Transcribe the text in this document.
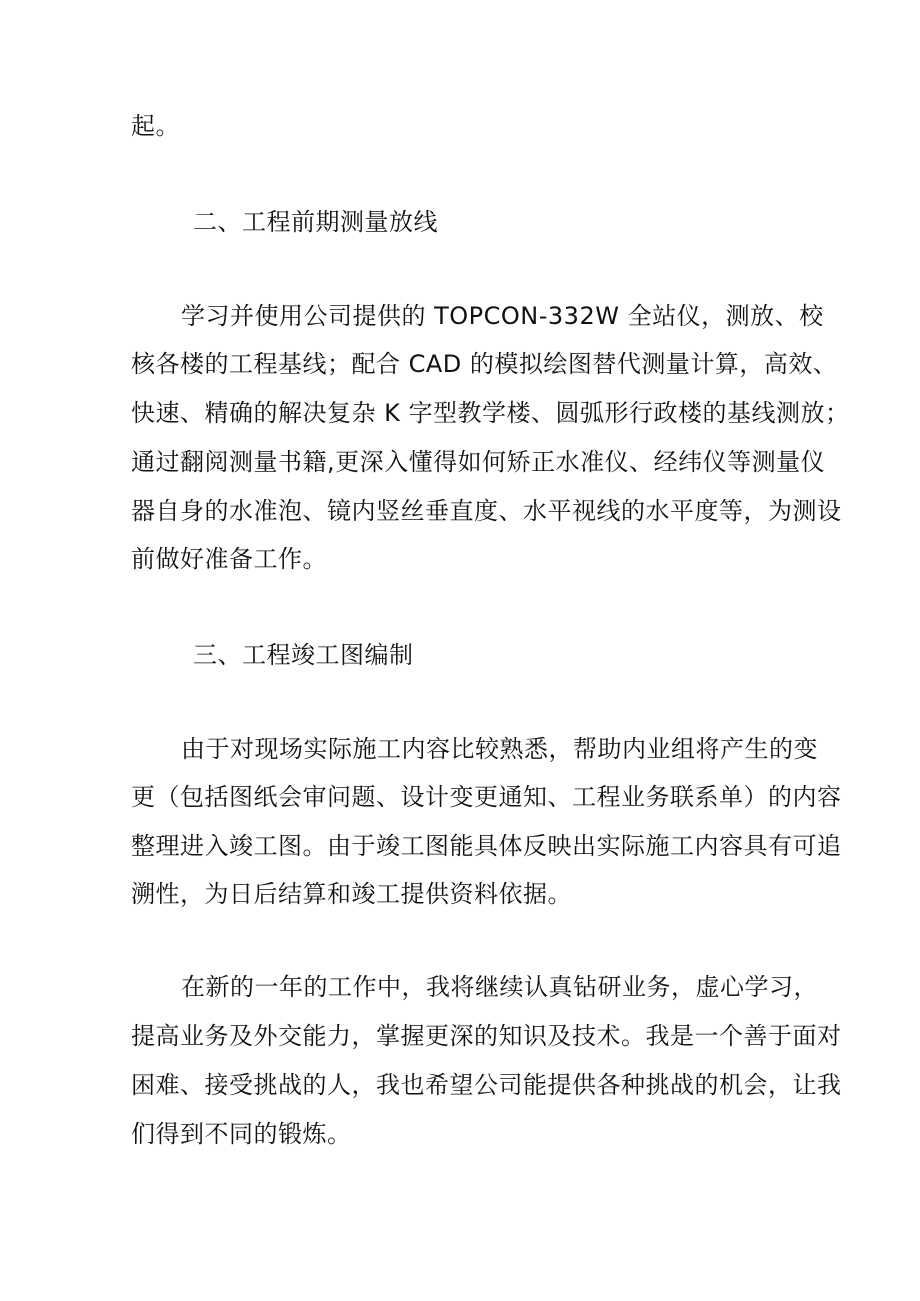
起。
二、工程前期测量放线
学习并使用公司提供的 TOPCON-332W 全站仪，测放、校
核各楼的工程基线；配合 CAD 的模拟绘图替代测量计算，高效、
快速、精确的解决复杂 K 字型教学楼、圆弧形行政楼的基线测放；
通过翻阅测量书籍,更深入懂得如何矫正水准仪、经纬仪等测量仪
器自身的水准泡、镜内竖丝垂直度、水平视线的水平度等，为测设
前做好准备工作。
三、工程竣工图编制
由于对现场实际施工内容比较熟悉，帮助内业组将产生的变
更（包括图纸会审问题、设计变更通知、工程业务联系单）的内容
整理进入竣工图。由于竣工图能具体反映出实际施工内容具有可追
溯性，为日后结算和竣工提供资料依据。
在新的一年的工作中，我将继续认真钻研业务，虚心学习，
提高业务及外交能力，掌握更深的知识及技术。我是一个善于面对
困难、接受挑战的人，我也希望公司能提供各种挑战的机会，让我
们得到不同的锻炼。
